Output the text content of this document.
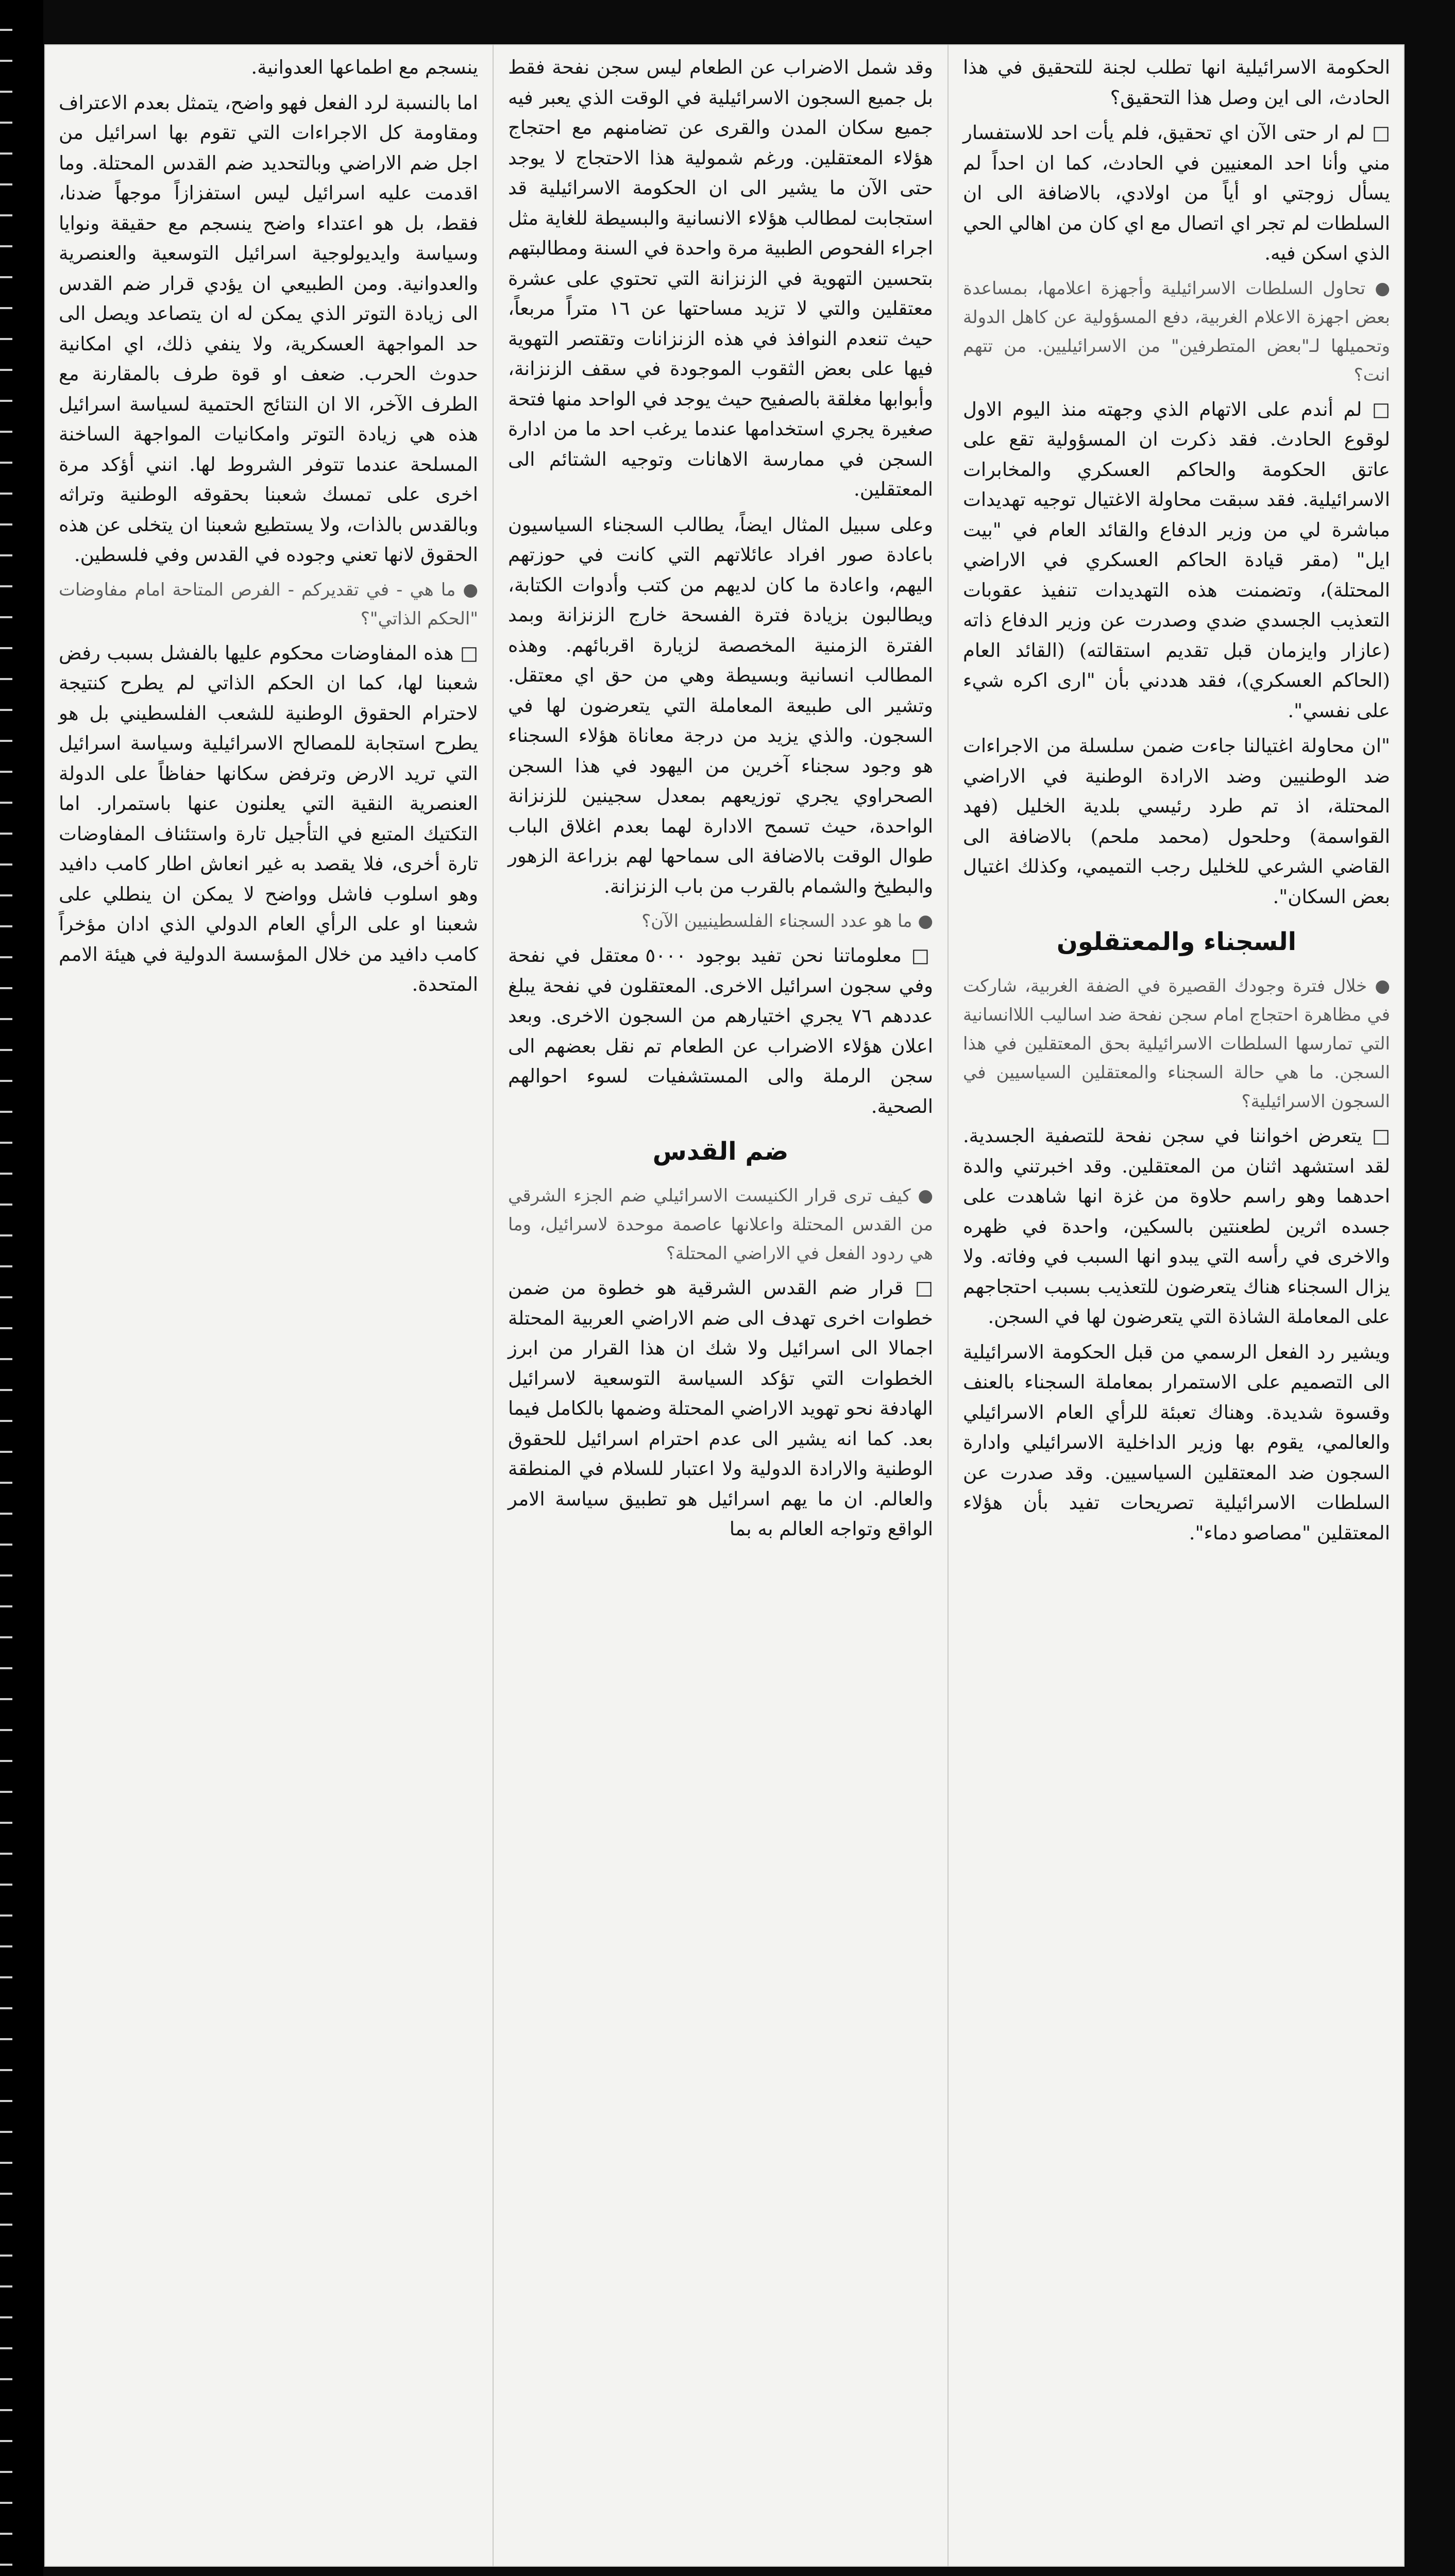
الحكومة الاسرائيلية انها تطلب لجنة للتحقيق في هذا الحادث، الى اين وصل هذا التحقيق؟

□ لم ار حتى الآن اي تحقيق، فلم يأت احد للاستفسار مني وأنا احد المعنيين في الحادث، كما ان احداً لم يسأل زوجتي او أياً من اولادي، بالاضافة الى ان السلطات لم تجر اي اتصال مع اي كان من اهالي الحي الذي اسكن فيه.

● تحاول السلطات الاسرائيلية وأجهزة اعلامها، بمساعدة بعض اجهزة الاعلام الغربية، دفع المسؤولية عن كاهل الدولة وتحميلها لـ"بعض المتطرفين" من الاسرائيليين. من تتهم انت؟

□ لم أندم على الاتهام الذي وجهته منذ اليوم الاول لوقوع الحادث. فقد ذكرت ان المسؤولية تقع على عاتق الحكومة والحاكم العسكري والمخابرات الاسرائيلية. فقد سبقت محاولة الاغتيال توجيه تهديدات مباشرة لي من وزير الدفاع والقائد العام في "بيت ايل" (مقر قيادة الحاكم العسكري في الاراضي المحتلة)، وتضمنت هذه التهديدات تنفيذ عقوبات التعذيب الجسدي ضدي وصدرت عن وزير الدفاع ذاته (عازار وايزمان قبل تقديم استقالته) (القائد العام (الحاكم العسكري)، فقد هددني بأن "ارى اكره شيء على نفسي".

"ان محاولة اغتيالنا جاءت ضمن سلسلة من الاجراءات ضد الوطنيين وضد الارادة الوطنية في الاراضي المحتلة، اذ تم طرد رئيسي بلدية الخليل (فهد القواسمة) وحلحول (محمد ملحم) بالاضافة الى القاضي الشرعي للخليل رجب التميمي، وكذلك اغتيال بعض السكان".

السجناء والمعتقلون

● خلال فترة وجودك القصيرة في الضفة الغربية، شاركت في مظاهرة احتجاج امام سجن نفحة ضد اساليب اللاانسانية التي تمارسها السلطات الاسرائيلية بحق المعتقلين في هذا السجن. ما هي حالة السجناء والمعتقلين السياسيين في السجون الاسرائيلية؟

□ يتعرض اخواننا في سجن نفحة للتصفية الجسدية. لقد استشهد اثنان من المعتقلين. وقد اخبرتني والدة احدهما وهو راسم حلاوة من غزة انها شاهدت على جسده اثرين لطعنتين بالسكين، واحدة في ظهره والاخرى في رأسه التي يبدو انها السبب في وفاته. ولا يزال السجناء هناك يتعرضون للتعذيب بسبب احتجاجهم على المعاملة الشاذة التي يتعرضون لها في السجن.

ويشير رد الفعل الرسمي من قبل الحكومة الاسرائيلية الى التصميم على الاستمرار بمعاملة السجناء بالعنف وقسوة شديدة. وهناك تعبئة للرأي العام الاسرائيلي والعالمي، يقوم بها وزير الداخلية الاسرائيلي وادارة السجون ضد المعتقلين السياسيين. وقد صدرت عن السلطات الاسرائيلية تصريحات تفيد بأن هؤلاء المعتقلين "مصاصو دماء".

وقد شمل الاضراب عن الطعام ليس سجن نفحة فقط بل جميع السجون الاسرائيلية في الوقت الذي يعبر فيه جميع سكان المدن والقرى عن تضامنهم مع احتجاج هؤلاء المعتقلين. ورغم شمولية هذا الاحتجاج لا يوجد حتى الآن ما يشير الى ان الحكومة الاسرائيلية قد استجابت لمطالب هؤلاء الانسانية والبسيطة للغاية مثل اجراء الفحوص الطبية مرة واحدة في السنة ومطالبتهم بتحسين التهوية في الزنزانة التي تحتوي على عشرة معتقلين والتي لا تزيد مساحتها عن ١٦ متراً مربعاً، حيث تنعدم النوافذ في هذه الزنزانات وتقتصر التهوية فيها على بعض الثقوب الموجودة في سقف الزنزانة، وأبوابها مغلقة بالصفيح حيث يوجد في الواحد منها فتحة صغيرة يجري استخدامها عندما يرغب احد ما من ادارة السجن في ممارسة الاهانات وتوجيه الشتائم الى المعتقلين.

وعلى سبيل المثال ايضاً، يطالب السجناء السياسيون باعادة صور افراد عائلاتهم التي كانت في حوزتهم اليهم، واعادة ما كان لديهم من كتب وأدوات الكتابة، ويطالبون بزيادة فترة الفسحة خارج الزنزانة وبمد الفترة الزمنية المخصصة لزيارة اقربائهم. وهذه المطالب انسانية وبسيطة وهي من حق اي معتقل. وتشير الى طبيعة المعاملة التي يتعرضون لها في السجون. والذي يزيد من درجة معاناة هؤلاء السجناء هو وجود سجناء آخرين من اليهود في هذا السجن الصحراوي يجري توزيعهم بمعدل سجينين للزنزانة الواحدة، حيث تسمح الادارة لهما بعدم اغلاق الباب طوال الوقت بالاضافة الى سماحها لهم بزراعة الزهور والبطيخ والشمام بالقرب من باب الزنزانة.

● ما هو عدد السجناء الفلسطينيين الآن؟

□ معلوماتنا نحن تفيد بوجود ٥٠٠٠ معتقل في نفحة وفي سجون اسرائيل الاخرى. المعتقلون في نفحة يبلغ عددهم ٧٦ يجري اختيارهم من السجون الاخرى. وبعد اعلان هؤلاء الاضراب عن الطعام تم نقل بعضهم الى سجن الرملة والى المستشفيات لسوء احوالهم الصحية.

ضم القدس

● كيف ترى قرار الكنيست الاسرائيلي ضم الجزء الشرقي من القدس المحتلة واعلانها عاصمة موحدة لاسرائيل، وما هي ردود الفعل في الاراضي المحتلة؟

□ قرار ضم القدس الشرقية هو خطوة من ضمن خطوات اخرى تهدف الى ضم الاراضي العربية المحتلة اجمالا الى اسرائيل ولا شك ان هذا القرار من ابرز الخطوات التي تؤكد السياسة التوسعية لاسرائيل الهادفة نحو تهويد الاراضي المحتلة وضمها بالكامل فيما بعد. كما انه يشير الى عدم احترام اسرائيل للحقوق الوطنية والارادة الدولية ولا اعتبار للسلام في المنطقة والعالم. ان ما يهم اسرائيل هو تطبيق سياسة الامر الواقع وتواجه العالم به بما

ينسجم مع اطماعها العدوانية.

اما بالنسبة لرد الفعل فهو واضح، يتمثل بعدم الاعتراف ومقاومة كل الاجراءات التي تقوم بها اسرائيل من اجل ضم الاراضي وبالتحديد ضم القدس المحتلة. وما اقدمت عليه اسرائيل ليس استفزازاً موجهاً ضدنا، فقط، بل هو اعتداء واضح ينسجم مع حقيقة ونوايا وسياسة وايديولوجية اسرائيل التوسعية والعنصرية والعدوانية. ومن الطبيعي ان يؤدي قرار ضم القدس الى زيادة التوتر الذي يمكن له ان يتصاعد ويصل الى حد المواجهة العسكرية، ولا ينفي ذلك، اي امكانية حدوث الحرب. ضعف او قوة طرف بالمقارنة مع الطرف الآخر، الا ان النتائج الحتمية لسياسة اسرائيل هذه هي زيادة التوتر وامكانيات المواجهة الساخنة المسلحة عندما تتوفر الشروط لها. انني أؤكد مرة اخرى على تمسك شعبنا بحقوقه الوطنية وتراثه وبالقدس بالذات، ولا يستطيع شعبنا ان يتخلى عن هذه الحقوق لانها تعني وجوده في القدس وفي فلسطين.

● ما هي - في تقديركم - الفرص المتاحة امام مفاوضات "الحكم الذاتي"؟

□ هذه المفاوضات محكوم عليها بالفشل بسبب رفض شعبنا لها، كما ان الحكم الذاتي لم يطرح كنتيجة لاحترام الحقوق الوطنية للشعب الفلسطيني بل هو يطرح استجابة للمصالح الاسرائيلية وسياسة اسرائيل التي تريد الارض وترفض سكانها حفاظاً على الدولة العنصرية النقية التي يعلنون عنها باستمرار. اما التكتيك المتبع في التأجيل تارة واستئناف المفاوضات تارة أخرى، فلا يقصد به غير انعاش اطار كامب دافيد وهو اسلوب فاشل وواضح لا يمكن ان ينطلي على شعبنا او على الرأي العام الدولي الذي ادان مؤخراً كامب دافيد من خلال المؤسسة الدولية في هيئة الامم المتحدة.
